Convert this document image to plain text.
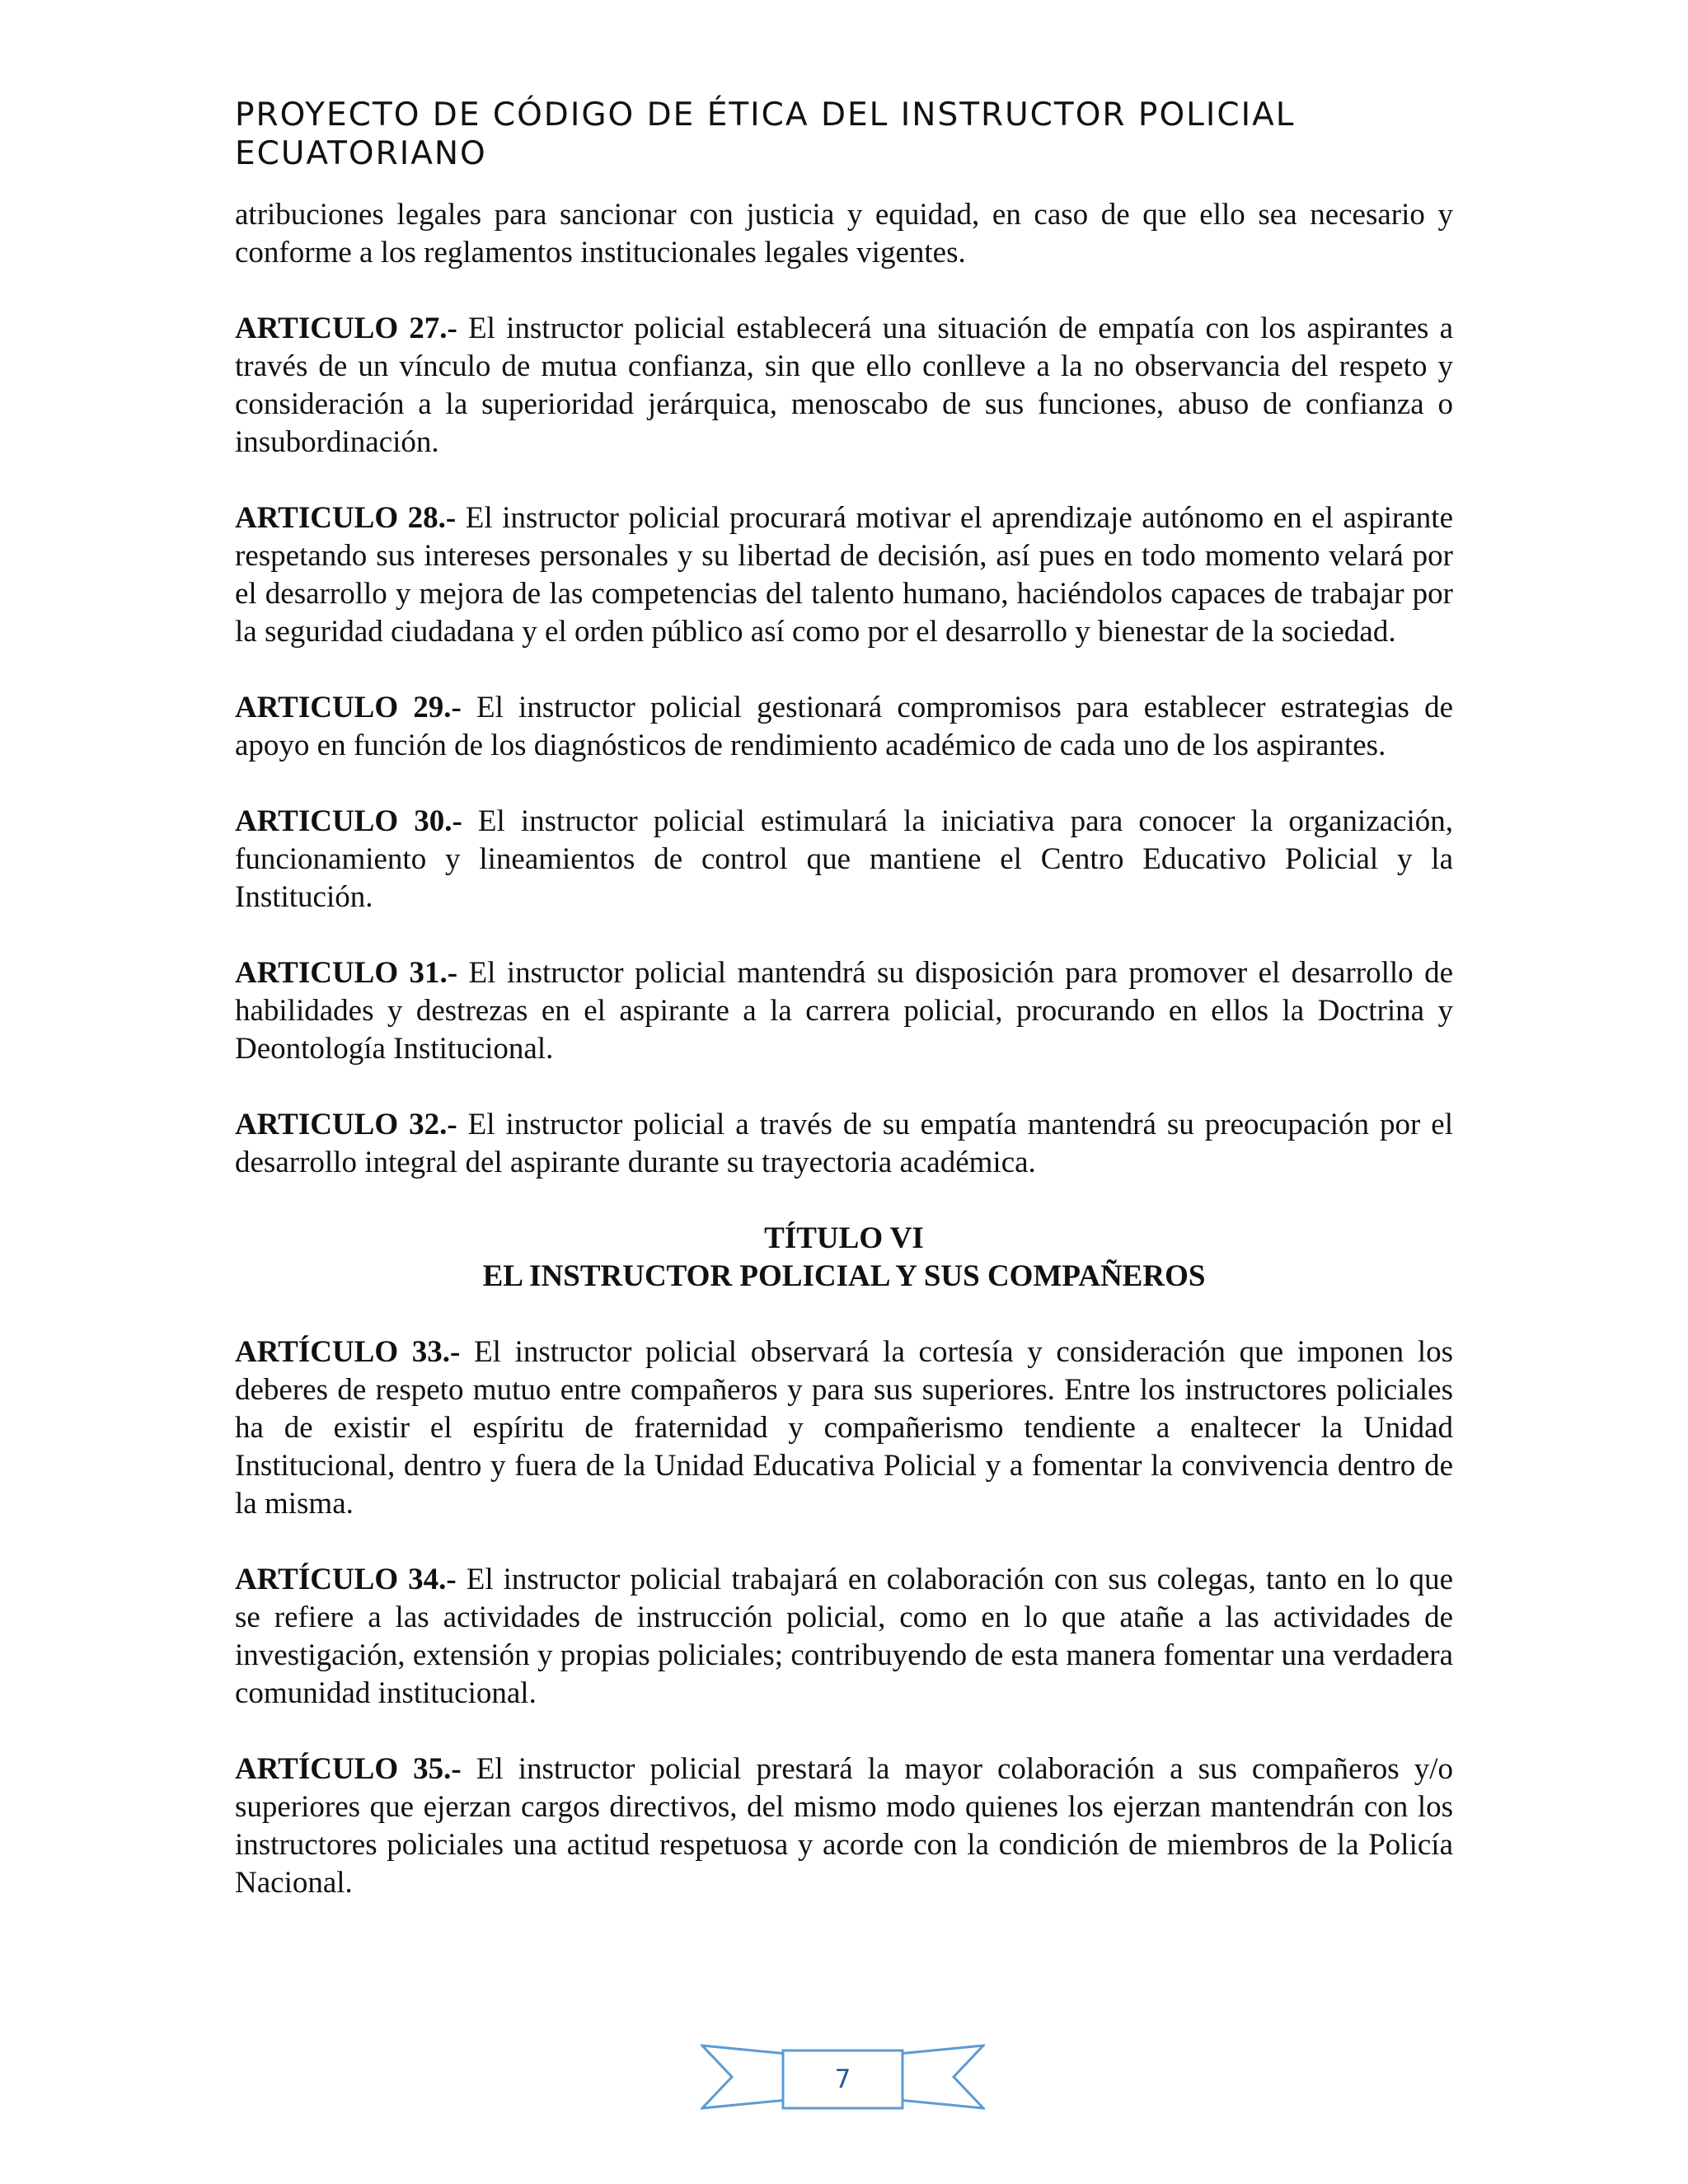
PROYECTO DE CÓDIGO DE ÉTICA DEL INSTRUCTOR POLICIAL ECUATORIANO

atribuciones legales para sancionar con justicia y equidad, en caso de que ello sea necesario y conforme a los reglamentos institucionales legales vigentes.

ARTICULO 27.- El instructor policial establecerá una situación de empatía con los aspirantes a través de un vínculo de mutua confianza, sin que ello conlleve a la no observancia del respeto y consideración a la superioridad jerárquica, menoscabo de sus funciones, abuso de confianza o insubordinación.

ARTICULO 28.- El instructor policial procurará motivar el aprendizaje autónomo en el aspirante respetando sus intereses personales y su libertad de decisión, así pues en todo momento velará por el desarrollo y mejora de las competencias del talento humano, haciéndolos capaces de trabajar por la seguridad ciudadana y el orden público así como por el desarrollo y bienestar de la sociedad.

ARTICULO 29.- El instructor policial gestionará compromisos para establecer estrategias de apoyo en función de los diagnósticos de rendimiento académico de cada uno de los aspirantes.

ARTICULO 30.- El instructor policial estimulará la iniciativa para conocer la organización, funcionamiento y lineamientos de control que mantiene el Centro Educativo Policial y la Institución.

ARTICULO 31.- El instructor policial mantendrá su disposición para promover el desarrollo de habilidades y destrezas en el aspirante a la carrera policial, procurando en ellos la Doctrina y Deontología Institucional.

ARTICULO 32.- El instructor policial a través de su empatía mantendrá su preocupación por el desarrollo integral del aspirante durante su trayectoria académica.

TÍTULO VI
EL INSTRUCTOR POLICIAL Y SUS COMPAÑEROS

ARTÍCULO 33.- El instructor policial observará la cortesía y consideración que imponen los deberes de respeto mutuo entre compañeros y para sus superiores. Entre los instructores policiales ha de existir el espíritu de fraternidad y compañerismo tendiente a enaltecer la Unidad Institucional, dentro y fuera de la Unidad Educativa Policial y a fomentar la convivencia dentro de la misma.

ARTÍCULO 34.- El instructor policial trabajará en colaboración con sus colegas, tanto en lo que se refiere a las actividades de instrucción policial, como en lo que atañe a las actividades de investigación, extensión y propias policiales; contribuyendo de esta manera fomentar una verdadera comunidad institucional.

ARTÍCULO 35.- El instructor policial prestará la mayor colaboración a sus compañeros y/o superiores que ejerzan cargos directivos, del mismo modo quienes los ejerzan mantendrán con los instructores policiales una actitud respetuosa y acorde con la condición de miembros de la Policía Nacional.

7
